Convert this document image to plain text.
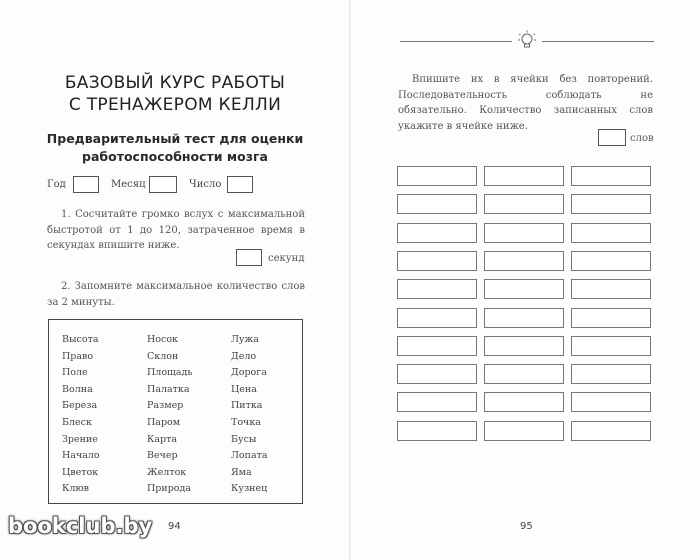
БАЗОВЫЙ КУРС РАБОТЫ
С ТРЕНАЖЕРОМ КЕЛЛИ
Предварительный тест для оценки
работоспособности мозга
Год	Месяц	Число
1. Сосчитайте громко вслух с максимальной быстротой от 1 до 120, затраченное время в секундах впишите ниже.
секунд
2. Запомните максимальное количество слов за 2 минуты.
Высота
Право
Поле
Волна
Береза
Блеск
Зрение
Начало
Цветок
Клюв
Носок
Склон
Площадь
Палатка
Размер
Паром
Карта
Вечер
Желток
Природа
Лужа
Дело
Дорога
Цена
Питка
Точка
Бусы
Лопата
Яма
Кузнец
94
bookclub.by
Впишите их в ячейки без повторений. Последовательность соблюдать не обязательно. Количество записанных слов укажите в ячейке ниже.
слов
95
